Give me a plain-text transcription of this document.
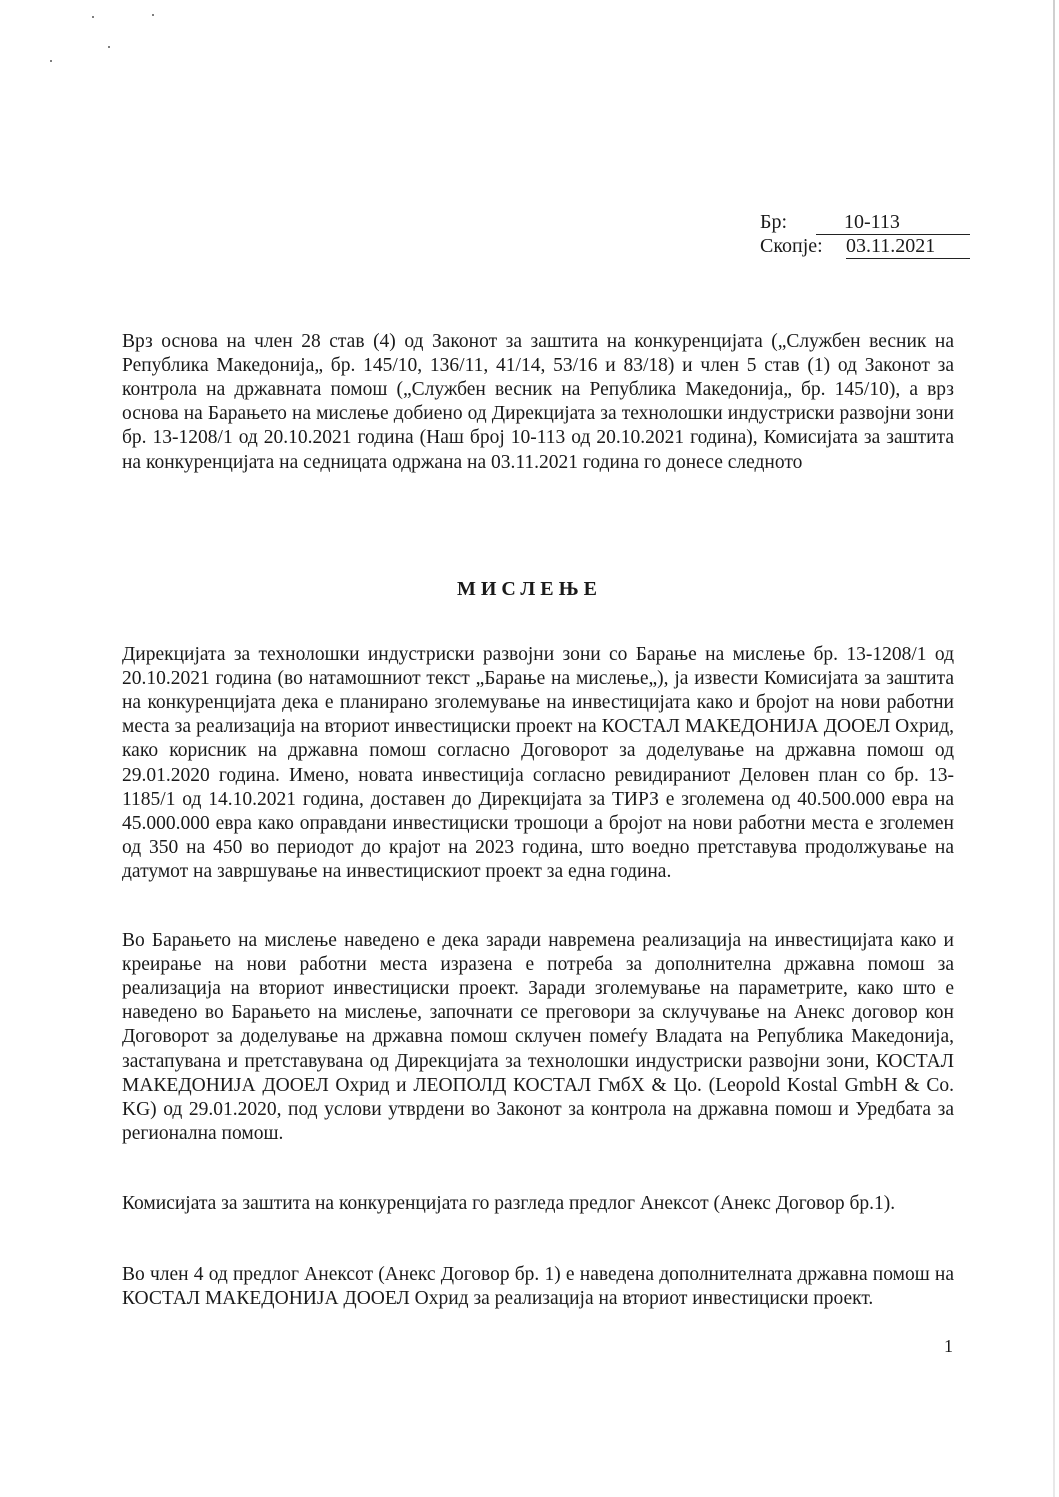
Бр:	10-113
Скопје: 03.11.2021

Врз основа на член 28 став (4) од Законот за заштита на конкуренцијата („Службен весник на Република Македонија„ бр. 145/10, 136/11, 41/14, 53/16 и 83/18) и член 5 став (1) од Законот за контрола на државната помош („Службен весник на Република Македонија„ бр. 145/10), а врз основа на Барањето на мислење добиено од Дирекцијата за технолошки индустриски развојни зони бр. 13-1208/1 од 20.10.2021 година (Наш број 10-113 од 20.10.2021 година), Комисијата за заштита на конкуренцијата на седницата одржана на 03.11.2021 година го донесе следното

МИСЛЕЊЕ

Дирекцијата за технолошки индустриски развојни зони со Барање на мислење бр. 13-1208/1 од 20.10.2021 година (во натамошниот текст „Барање на мислење„), ја извести Комисијата за заштита на конкуренцијата дека е планирано зголемување на инвестицијата како и бројот на нови работни места за реализација на вториот инвестициски проект на КОСТАЛ МАКЕДОНИЈА ДООЕЛ Охрид, како корисник на државна помош согласно Договорот за доделување на државна помош од 29.01.2020 година. Имено, новата инвестиција согласно ревидираниот Деловен план со бр. 13-1185/1 од 14.10.2021 година, доставен до Дирекцијата за ТИРЗ е зголемена од 40.500.000 евра на 45.000.000 евра како оправдани инвестициски трошоци а бројот на нови работни места е зголемен од 350 на 450 во периодот до крајот на 2023 година, што воедно претставува продолжување на датумот на завршување на инвестицискиот проект за една година.

Во Барањето на мислење наведено е дека заради навремена реализација на инвестицијата како и креирање на нови работни места изразена е потреба за дополнителна државна помош за реализација на вториот инвестициски проект. Заради зголемување на параметрите, како што е наведено во Барањето на мислење, започнати се преговори за склучување на Анекс договор кон Договорот за доделување на државна помош склучен помеѓу Владата на Република Македонија, застапувана и претставувана од Дирекцијата за технолошки индустриски развојни зони, КОСТАЛ МАКЕДОНИЈА ДООЕЛ Охрид и ЛЕОПОЛД КОСТАЛ ГмбХ & Цо. (Leopold Kostal GmbH & Co. KG) од 29.01.2020, под услови утврдени во Законот за контрола на државна помош и Уредбата за регионална помош.

Комисијата за заштита на конкуренцијата го разгледа предлог Анексот (Анекс Договор бр.1).

Во член 4 од предлог Анексот (Анекс Договор бр. 1) е наведена дополнителната државна помош на КОСТАЛ МАКЕДОНИЈА ДООЕЛ Охрид за реализација на вториот инвестициски проект.

1
